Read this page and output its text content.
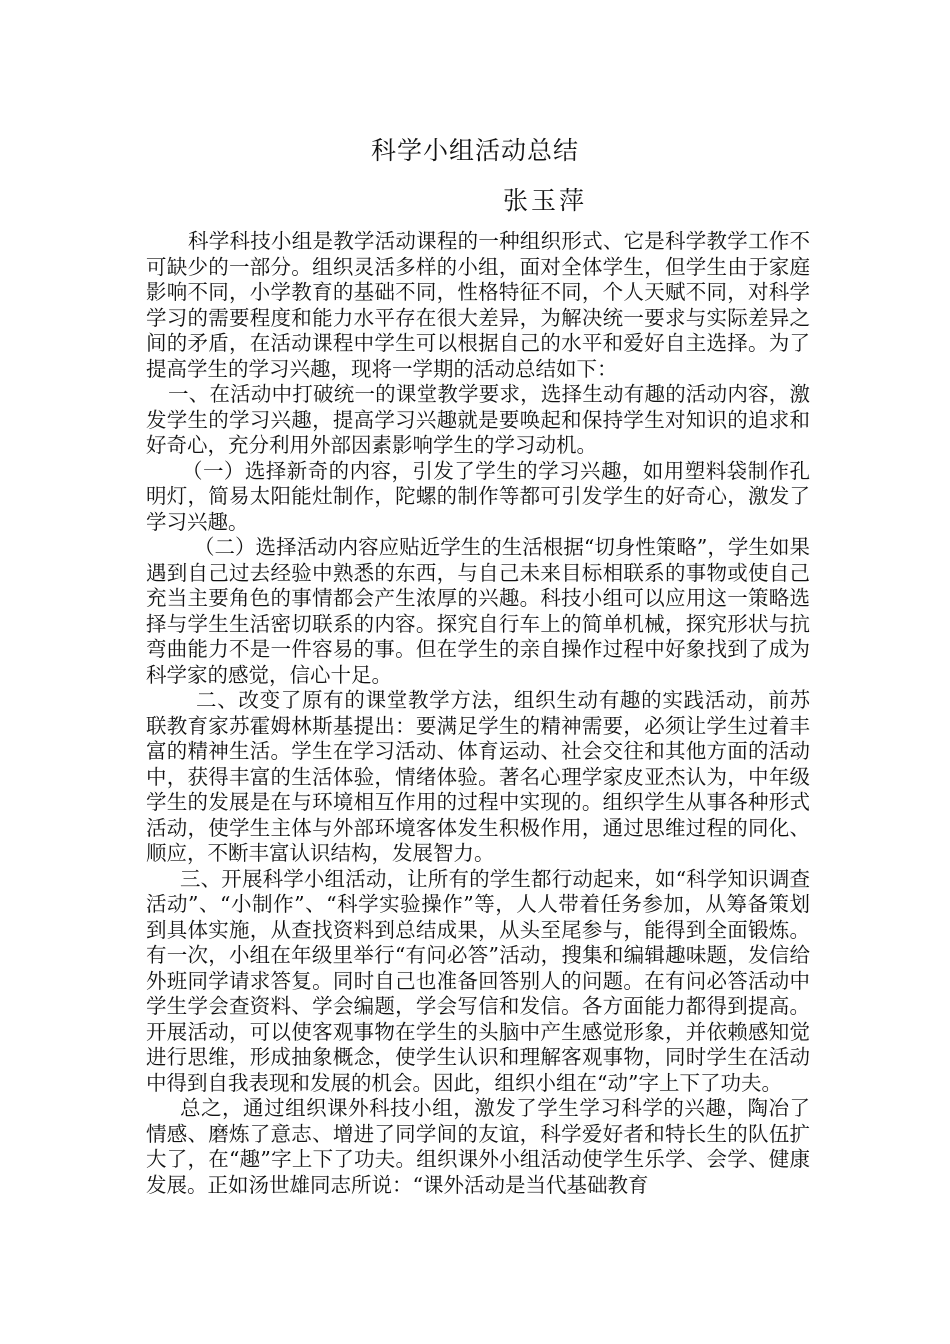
科学小组活动总结
张玉萍

科学科技小组是教学活动课程的一种组织形式、它是科学教学工作不可缺少的一部分。组织灵活多样的小组，面对全体学生，但学生由于家庭影响不同，小学教育的基础不同，性格特征不同，个人天赋不同，对科学学习的需要程度和能力水平存在很大差异，为解决统一要求与实际差异之间的矛盾，在活动课程中学生可以根据自己的水平和爱好自主选择。为了提高学生的学习兴趣，现将一学期的活动总结如下：

一、在活动中打破统一的课堂教学要求，选择生动有趣的活动内容，激发学生的学习兴趣，提高学习兴趣就是要唤起和保持学生对知识的追求和好奇心，充分利用外部因素影响学生的学习动机。

（一）选择新奇的内容，引发了学生的学习兴趣，如用塑料袋制作孔明灯，简易太阳能灶制作，陀螺的制作等都可引发学生的好奇心，激发了学习兴趣。

（二）选择活动内容应贴近学生的生活根据“切身性策略”，学生如果遇到自己过去经验中熟悉的东西，与自己未来目标相联系的事物或使自己充当主要角色的事情都会产生浓厚的兴趣。科技小组可以应用这一策略选择与学生生活密切联系的内容。探究自行车上的简单机械，探究形状与抗弯曲能力不是一件容易的事。但在学生的亲自操作过程中好象找到了成为科学家的感觉，信心十足。

二、改变了原有的课堂教学方法，组织生动有趣的实践活动，前苏联教育家苏霍姆林斯基提出：要满足学生的精神需要，必须让学生过着丰富的精神生活。学生在学习活动、体育运动、社会交往和其他方面的活动中，获得丰富的生活体验，情绪体验。著名心理学家皮亚杰认为，中年级学生的发展是在与环境相互作用的过程中实现的。组织学生从事各种形式活动，使学生主体与外部环境客体发生积极作用，通过思维过程的同化、顺应，不断丰富认识结构，发展智力。

三、开展科学小组活动，让所有的学生都行动起来，如“科学知识调查活动”、“小制作”、“科学实验操作”等，人人带着任务参加，从筹备策划到具体实施，从查找资料到总结成果，从头至尾参与，能得到全面锻炼。有一次，小组在年级里举行“有问必答”活动，搜集和编辑趣味题，发信给外班同学请求答复。同时自己也准备回答别人的问题。在有问必答活动中学生学会查资料、学会编题，学会写信和发信。各方面能力都得到提高。开展活动，可以使客观事物在学生的头脑中产生感觉形象，并依赖感知觉进行思维，形成抽象概念，使学生认识和理解客观事物，同时学生在活动中得到自我表现和发展的机会。因此，组织小组在“动”字上下了功夫。

总之，通过组织课外科技小组，激发了学生学习科学的兴趣，陶冶了情感、磨炼了意志、增进了同学间的友谊，科学爱好者和特长生的队伍扩大了，在“趣”字上下了功夫。组织课外小组活动使学生乐学、会学、健康发展。正如汤世雄同志所说：“课外活动是当代基础教育
